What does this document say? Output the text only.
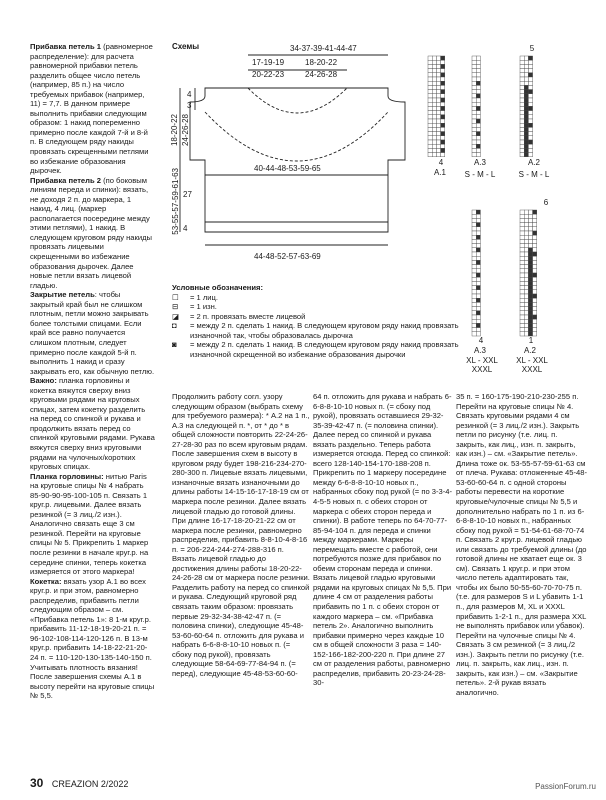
Прибавка петель 1 (равномерное распределение): для расчета равномерной прибавки петель разделить общее число петель (например, 85 п.) на число требуемых прибавок (например, 11) = 7,7. В данном примере выполнить прибавки следующим образом: 1 накид попеременно примерно после каждой 7-й и 8-й п. В следующем ряду накиды провязать скрещенными петлями во избежание образования дырочек.

Прибавка петель 2 (по боковым линиям переда и спинки): вязать, не доходя 2 п. до маркера, 1 накид, 4 лиц. (маркер располагается посередине между этими петлями), 1 накид. В следующем круговом ряду накиды провязать лицевыми скрещенными во избежание образования дырочек. Далее новые петли вязать лицевой гладью.

Закрытие петель: чтобы закрытый край был не слишком плотным, петли можно закрывать более толстыми спицами. Если край все равно получается слишком плотным, следует примерно после каждой 5-й п. выполнить 1 накид и сразу закрывать его, как обычную петлю.

Важно: планка горловины и кокетка вяжутся сверху вниз круговыми рядами на круговых спицах, затем кокетку разделить на перед со спинкой и рукава и продолжить вязать перед со спинкой круговыми рядами. Рукава вяжутся сверху вниз круговыми рядами на чулочных/коротких круговых спицах.

Планка горловины: нитью Paris на круговые спицы № 4 набрать 85-90-90-95-100-105 п. Связать 1 круг.р. лицевыми. Далее вязать резинкой (= 3 лиц./2 изн.). Аналогично связать еще 3 см резинкой. Перейти на круговые спицы № 5. Прикрепить 1 маркер после резинки в начале круг.р. на середине спинки, теперь кокетка измеряется от этого маркера!

Кокетка: вязать узор A.1 во всех круг.р. и при этом, равномерно распределив, прибавить петли следующим образом – см. «Прибавка петель 1»: 8 1-м круг.р. прибавить 11-12-18-19-20-21 п. = 96-102-108-114-120-126 п. В 13-м круг.р. прибавить 14-18-22-21-20-24 п. = 110-120-130-135-140-150 п. Учитывать плотность вязания! После завершения схемы A.1 в высоту перейти на круговые спицы № 5,5.

Схемы	34-37-39-41-44-47
17-19-19
20-22-23
18-20-22
24-26-28
4
3
18-20-22 24-26-28
53-55-57-59-61-63 27
4
40-44-48-53-59-65
44-48-52-57-63-69
4
A.1
A.3
S - M - L
A.2
S - M - L
5
6
4
A.3
XL - XXL XXXL
1
A.2
XL - XXL XXXL
Условные обозначения:
☐	= 1 лиц.
⊟	= 1 изн.
◪	= 2 п. провязать вместе лицевой
◘	= между 2 п. сделать 1 накид. В следующем круговом ряду накид провязать изнаночной так, чтобы образовалась дырочка
◙	= между 2 п. сделать 1 накид. В следующем круговом ряду накид провязать изнаночной скрещенной во избежание образования дырочки
Продолжить работу согл. узору следующим образом (выбрать схему для требуемого размера): * A.2 на 1 п., A.3 на следующей п. *, от * до * в общей сложности повторить 22-24-26-27-28-30 раз по всем круговым рядам. После завершения схем в высоту в круговом ряду будет 198-216-234-270-280-300 п. Лицевые вязать лицевыми, изнаночные вязать изнаночными до длины работы 14-15-16-17-18-19 см от маркера после резинки. Далее вязать лицевой гладью до готовой длины. При длине 16-17-18-20-21-22 см от маркера после резинки, равномерно распределив, прибавить 8-8-10-4-8-16 п. = 206-224-244-274-288-316 п. Вязать лицевой гладью до достижения длины работы 18-20-22-24-26-28 см от маркера после резинки. Разделить работу на перед со спинкой и рукава. Следующий круговой ряд связать таким образом: провязать первые 29-32-34-38-42-47 п. (= половина спинки), следующие 45-48-53-60-60-64 п. отложить для рукава и набрать 6-6-8-8-10-10 новых п. (= сбоку под рукой), провязать следующие 58-64-69-77-84-94 п. (= перед), следующие 45-48-53-60-60-
64 п. отложить для рукава и набрать 6-6-8-8-10-10 новых п. (= сбоку под рукой), провязать оставшиеся 29-32-35-39-42-47 п. (= половина спинки). Далее перед со спинкой и рукава вязать раздельно. Теперь работа измеряется отсюда. Перед со спинкой: всего 128-140-154-170-188-208 п. Прикрепить по 1 маркеру посередине между 6-6-8-8-10-10 новых п., набранных сбоку под рукой (= по 3-3-4-4-5-5 новых п. с обеих сторон от маркера с обеих сторон переда и спинки). В работе теперь по 64-70-77-85-94-104 п. для переда и спинки между маркерами. Маркеры перемещать вместе с работой, они потребуются позже для прибавок по обеим сторонам переда и спинки. Вязать лицевой гладью круговыми рядами на круговых спицах № 5,5. При длине 4 см от разделения работы прибавить по 1 п. с обеих сторон от каждого маркера – см. «Прибавка петель 2». Аналогично выполнить прибавки примерно через каждые 10 см в общей сложности 3 раза = 140-152-166-182-200-220 п. При длине 27 см от разделения работы, равномерно распределив, прибавить 20-23-24-28-30-
35 п. = 160-175-190-210-230-255 п. Перейти на круговые спицы № 4. Связать круговыми рядами 4 см резинкой (= 3 лиц./2 изн.). Закрыть петли по рисунку (т.е. лиц. п. закрыть, как лиц., изн. п. закрыть, как изн.) – см. «Закрытие петель». Длина тоже ок. 53-55-57-59-61-63 см от плеча. Рукава: отложенные 45-48-53-60-60-64 п. с одной стороны работы перевести на короткие круговые/чулочные спицы № 5,5 и дополнительно набрать по 1 п. из 6-6-8-8-10-10 новых п., набранных сбоку под рукой = 51-54-61-68-70-74 п. Связать 2 круг.р. лицевой гладью или связать до требуемой длины (до готовой длины не хватает еще ок. 3 см). Связать 1 круг.р. и при этом число петель адаптировать так, чтобы их было 50-55-60-70-70-75 п. (т.е. для размеров S и L убавить 1-1 п., для размеров M, XL и XXXL прибавить 1-2-1 п., для размера XXL не выполнять прибавок или убавок). Перейти на чулочные спицы № 4. Связать 3 см резинкой (= 3 лиц./2 изн.). Закрыть петли по рисунку (т.е. лиц. п. закрыть, как лиц., изн. п. закрыть, как изн.) – см. «Закрытие петель». 2-й рукав вязать аналогично.
30 CREAZION 2/2022	PassionForum.ru
